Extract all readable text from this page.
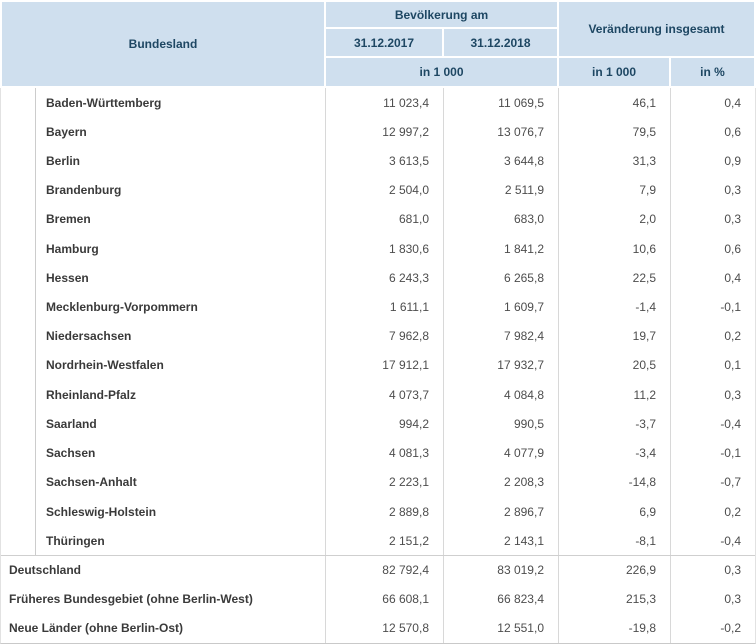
Bundesland
Bevölkerung am
Veränderung insgesamt
31.12.2017	31.12.2018
in 1 000	in 1 000	in %
Baden-Württemberg	11 023,4	11 069,5	46,1	0,4
Bayern	12 997,2	13 076,7	79,5	0,6
Berlin	3 613,5	3 644,8	31,3	0,9
Brandenburg	2 504,0	2 511,9	7,9	0,3
Bremen	681,0	683,0	2,0	0,3
Hamburg	1 830,6	1 841,2	10,6	0,6
Hessen	6 243,3	6 265,8	22,5	0,4
Mecklenburg-Vorpommern	1 611,1	1 609,7	-1,4	-0,1
Niedersachsen	7 962,8	7 982,4	19,7	0,2
Nordrhein-Westfalen	17 912,1	17 932,7	20,5	0,1
Rheinland-Pfalz	4 073,7	4 084,8	11,2	0,3
Saarland	994,2	990,5	-3,7	-0,4
Sachsen	4 081,3	4 077,9	-3,4	-0,1
Sachsen-Anhalt	2 223,1	2 208,3	-14,8	-0,7
Schleswig-Holstein	2 889,8	2 896,7	6,9	0,2
Thüringen	2 151,2	2 143,1	-8,1	-0,4
Deutschland	82 792,4	83 019,2	226,9	0,3
Früheres Bundesgebiet (ohne Berlin-West)	66 608,1	66 823,4	215,3	0,3
Neue Länder (ohne Berlin-Ost)	12 570,8	12 551,0	-19,8	-0,2
